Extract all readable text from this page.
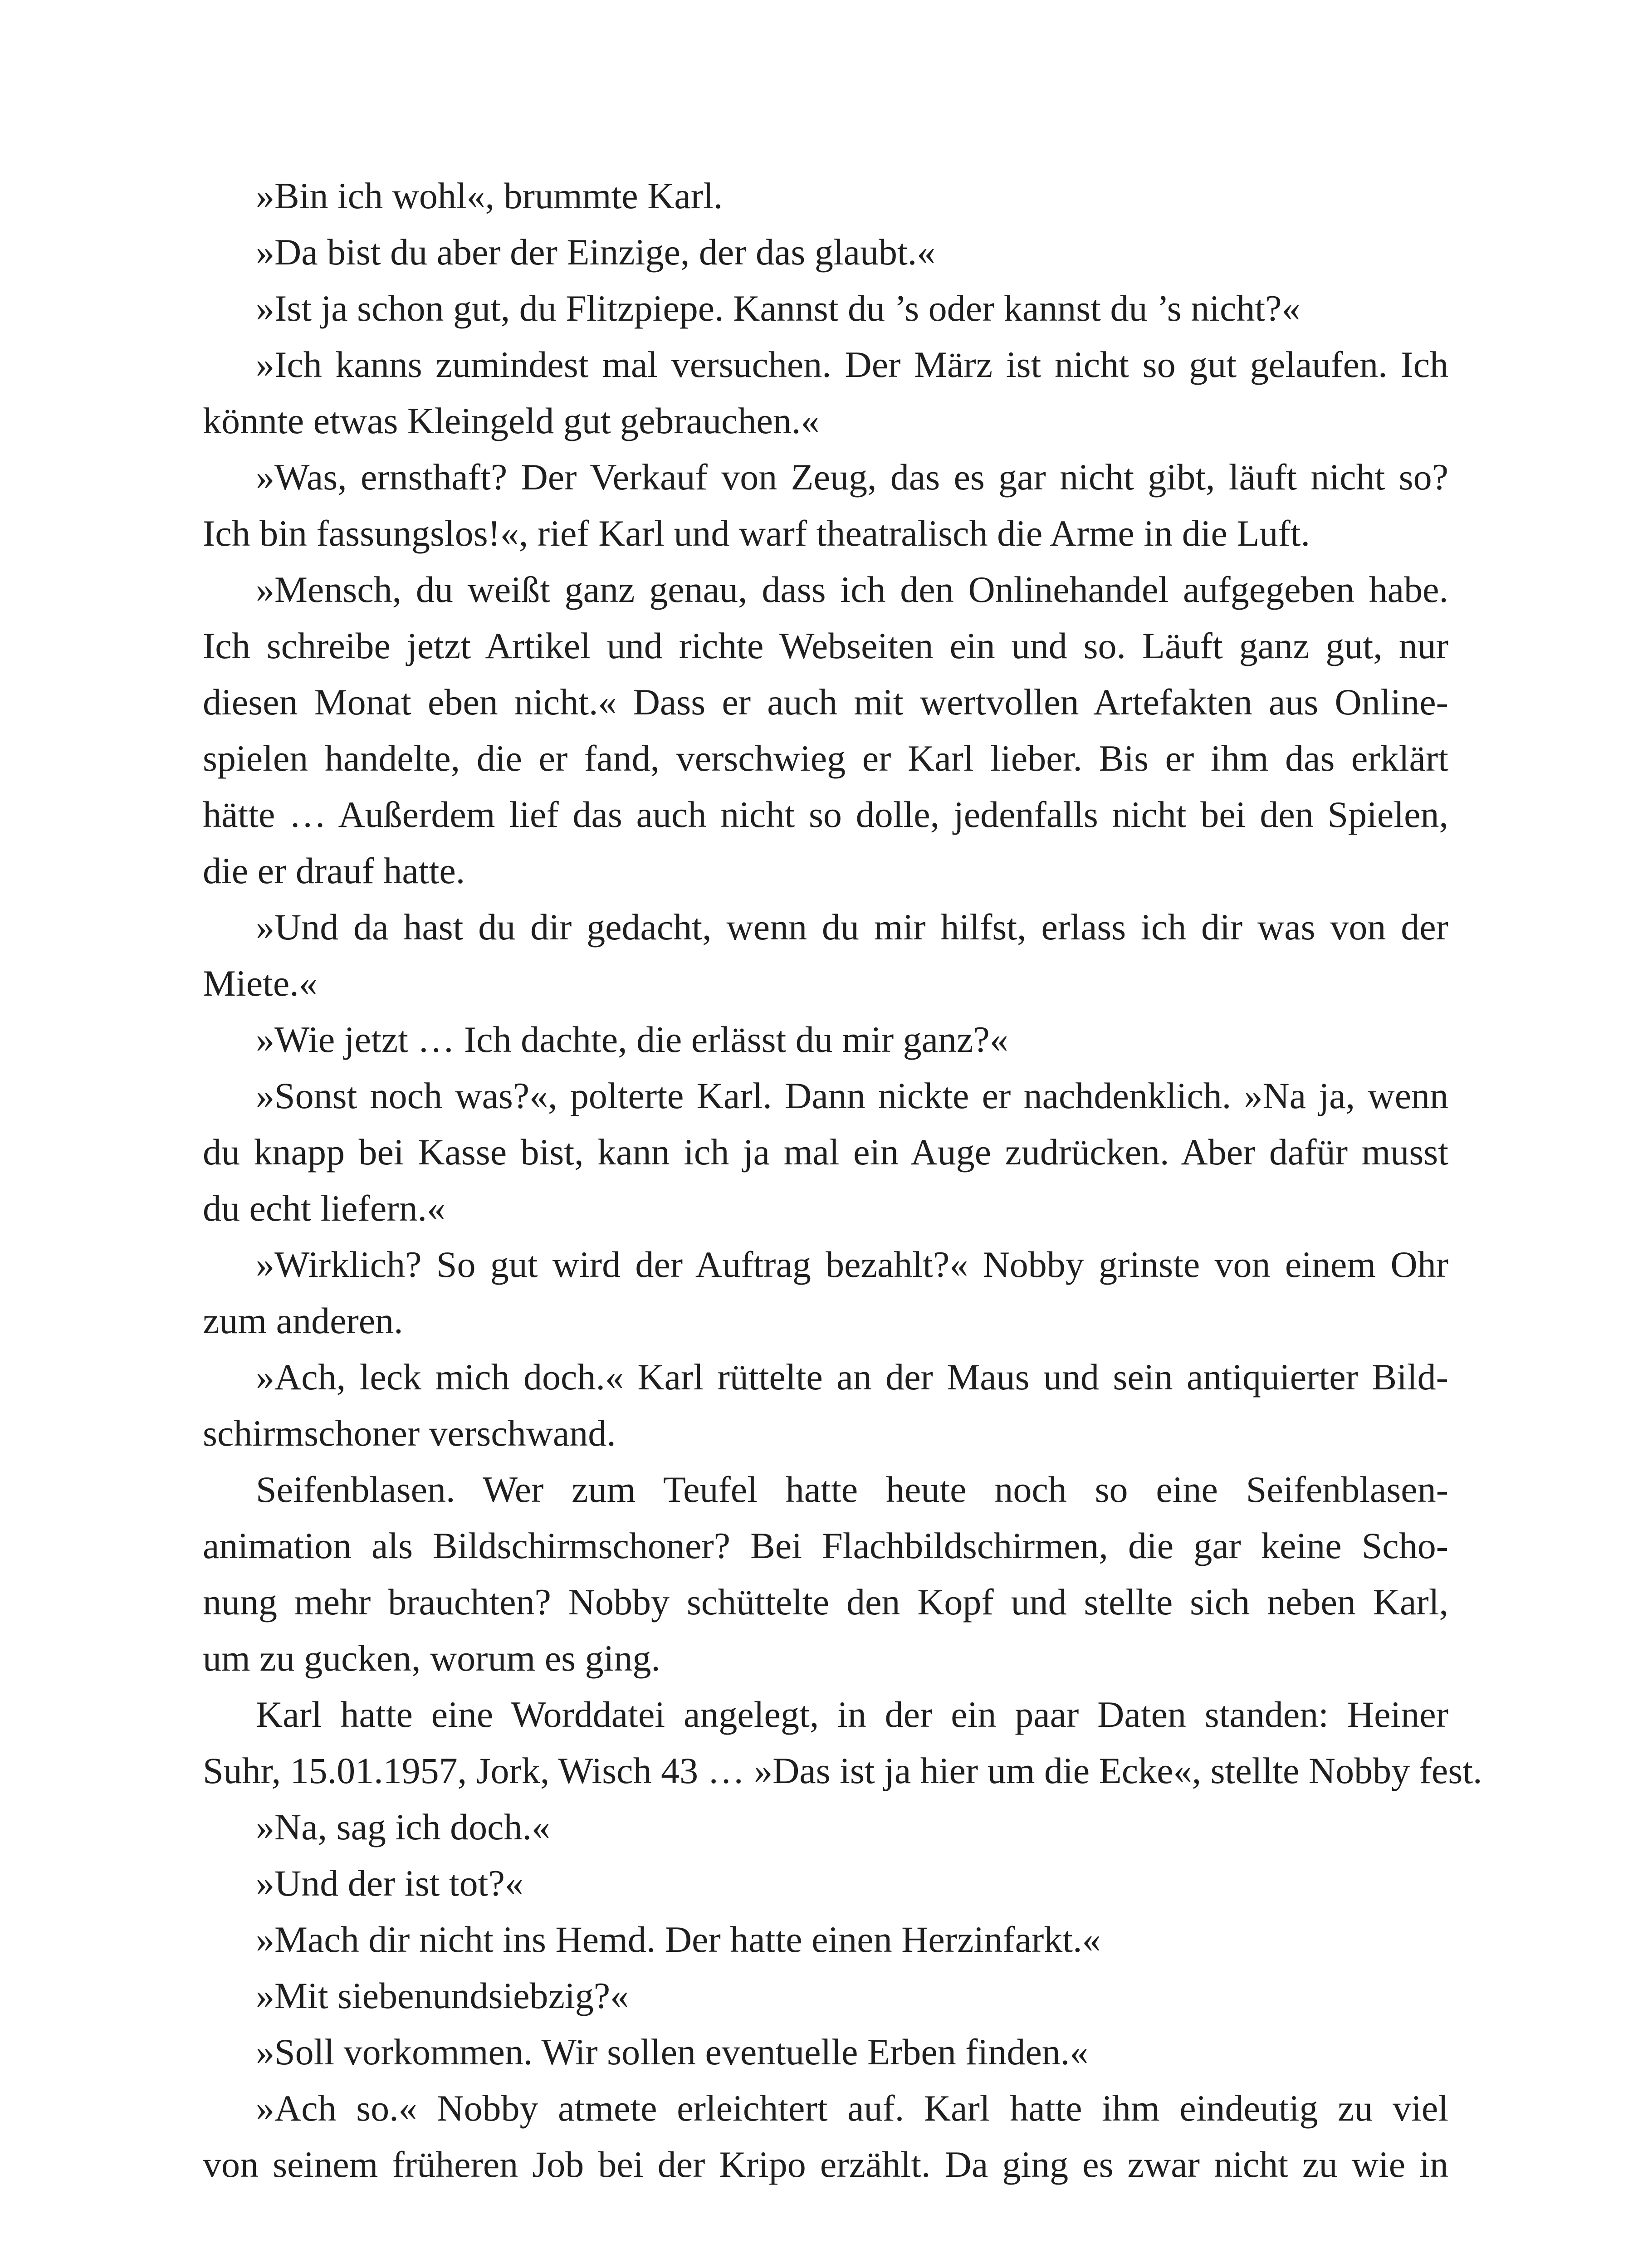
»Bin ich wohl«, brummte Karl.
»Da bist du aber der Einzige, der das glaubt.«
»Ist ja schon gut, du Flitzpiepe. Kannst du ’s oder kannst du ’s nicht?«
»Ich kanns zumindest mal versuchen. Der März ist nicht so gut gelaufen. Ich
könnte etwas Kleingeld gut gebrauchen.«
»Was, ernsthaft? Der Verkauf von Zeug, das es gar nicht gibt, läuft nicht so?
Ich bin fassungslos!«, rief Karl und warf theatralisch die Arme in die Luft.
»Mensch, du weißt ganz genau, dass ich den Onlinehandel aufgegeben habe.
Ich schreibe jetzt Artikel und richte Webseiten ein und so. Läuft ganz gut, nur
diesen Monat eben nicht.« Dass er auch mit wertvollen Artefakten aus Online-
spielen handelte, die er fand, verschwieg er Karl lieber. Bis er ihm das erklärt
hätte … Außerdem lief das auch nicht so dolle, jedenfalls nicht bei den Spielen,
die er drauf hatte.
»Und da hast du dir gedacht, wenn du mir hilfst, erlass ich dir was von der
Miete.«
»Wie jetzt … Ich dachte, die erlässt du mir ganz?«
»Sonst noch was?«, polterte Karl. Dann nickte er nachdenklich. »Na ja, wenn
du knapp bei Kasse bist, kann ich ja mal ein Auge zudrücken. Aber dafür musst
du echt liefern.«
»Wirklich? So gut wird der Auftrag bezahlt?« Nobby grinste von einem Ohr
zum anderen.
»Ach, leck mich doch.« Karl rüttelte an der Maus und sein antiquierter Bild-
schirmschoner verschwand.
Seifenblasen. Wer zum Teufel hatte heute noch so eine Seifenblasen-
animation als Bildschirmschoner? Bei Flachbildschirmen, die gar keine Scho-
nung mehr brauchten? Nobby schüttelte den Kopf und stellte sich neben Karl,
um zu gucken, worum es ging.
Karl hatte eine Worddatei angelegt, in der ein paar Daten standen: Heiner
Suhr, 15.01.1957, Jork, Wisch 43 … »Das ist ja hier um die Ecke«, stellte Nobby fest.
»Na, sag ich doch.«
»Und der ist tot?«
»Mach dir nicht ins Hemd. Der hatte einen Herzinfarkt.«
»Mit siebenundsiebzig?«
»Soll vorkommen. Wir sollen eventuelle Erben finden.«
»Ach so.« Nobby atmete erleichtert auf. Karl hatte ihm eindeutig zu viel
von seinem früheren Job bei der Kripo erzählt. Da ging es zwar nicht zu wie in
